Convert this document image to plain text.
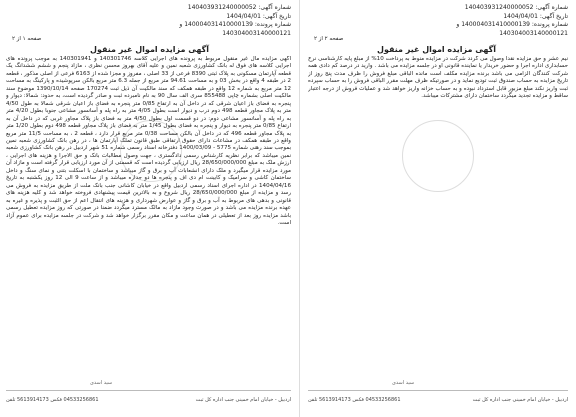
شماره آگهی: 140403931240000052
تاریخ آگهی: 1404/04/01
شماره پرونده: 140004031410000139 و
140304003140000121
صفحه ۱ از ۲
آگهی مزایده اموال غیر منقول
آگهی مزایده مال غیر منقول مربوط به پرونده های اجرایی کلاسه 140301746 و 140301941 به موجب پرونده های اجرایی کلاسه های فوق له بانک کشاورزی شعبه نمین و علیه آقای بهروز محسن نظری ، مازاد پنجم و ششم ششدانگ یک قطعه آپارتمان مسکونی به پلاک ثبتی 8390 فرعی از 33 اصلی ، مفروز و مجزا شده از 6163 فرعی از اصلی مذکور ، قطعه 2 در طبقه 4 واقع در بخش 03 و به مساحت 94.61 متر مربع از جمله 6.3 متر مربع بالکن سرپوشیده و پارکینگ به مساحت 12 متر مربع به شماره 12 واقع در طبقه همکف که سند مالکیت آن ذیل ثبت 170274 صفحه 1390/10/14 موضوع سند مالکیت اصلی بشماره چاپی 855488 سری الف سال 90 به نام نامبرده ثبت و صادر گردیده است، به حدود: شمالا: دیوار و پنجره به فضای باز اعیان شرقی که در داخل آن به ارتفاع 0/85 متر پنجره به فضای باز اعیان شرقی شمالا به طول 4/50 متر به پلاک مجاور قطعه 498 دوم درب و دیوار است بطول 4/05 متر به راه پله و آسانسور مشاعی جنوبا بطول 4/20 متر به راه پله و آسانسور مشاعی دوم: در دو قسمت اول بطول 4/50 متر به فضای باز پلاک مجاور غربی که در داخل آن به ارتفاع 0/85 متر پنجره به دیوار و پنجره به فضای بطول 1/45 متر به فضای باز پلاک مجاور قطعه 498 دوم بطول 1/20 متر به پلاک مجاور قطعه 496 که در داخل آن بالکن مساحت 0/38 متر مربع قرار دارد ، قطعه 2 ، به مساحت 11/5 متر مربع واقع در طبقه همکف در مشاعات دارای حقوق ارتفاقی طبق قانون تملک آپارتمان ها ، در رهن بانک کشاورزی شعبه نمین بموجب سند رهنی شماره 5775 - 1400/03/09 دفترخانه اسناد رسمی شماره 51 شهر اردبیل در رهن بانک کشاورزی شعبه نمین میباشد که برابر نظریه کارشناس رسمی دادگستری ، جهت وصول مطالبات بانک و حق الاجرا و هزینه های اجرایی ، ارزش ملک به مبلغ 28/650/000/000 ریال ارزیابی گردیده است که قسمتی از آن مورد ارزیابی قرار گرفته است و مازاد آن مورد مزایده قرار میگیرد و ملک دارای انشعابات آب و برق و گاز میباشد و ساختمان با اسکلت بتنی و نمای سنگ و داخل ساختمان کاشی و سرامیک و کابینت ام دی اف و پنجره ها دو جداره میباشد و از ساعت 9 الی 12 روز یکشنبه به تاریخ 1404/04/16 در اداره اجرای اسناد رسمی اردبیل واقع در خیابان کاشانی جنب بانک ملت از طریق مزایده به فروش می رسد و مزایده از مبلغ 28/650/000/000 ریال شروع و به بالاترین قیمت پیشنهادی فروخته خواهد شد و کلیه هزینه های قانونی و بدهی های مربوط به آب و برق و گاز و عوارض شهرداری و هزینه های انتقال اعم از حق الثبت و پذیره و غیره به عهده برنده مزایده می باشد و در صورت وجود مازاد به مالک مسترد میگردد ضمنا در صورتی که روز مزایده تعطیل رسمی باشد مزایده روز بعد از تعطیلی در همان ساعت و مکان مقرر برگزار خواهد شد و شرکت در جلسه مزایده برای عموم آزاد است.
سید اسدی
04533256861 فکس 5613914173 تلفن	اردبیل - خیابان امام خمینی جنب اداره کل ثبت
شماره آگهی: 140403931240000052
تاریخ آگهی: 1404/04/01
شماره پرونده: 140004031410000139 و
140304003140000121
صفحه ۲ از ۲
آگهی مزایده اموال غیر منقول
نیم عشر و حق مزایده نقدا وصول می گردد شرکت در مزایده منوط به پرداخت 10% از مبلغ پایه کارشناسی نرخ حسابداری اداره اجرا و حضور خریدار یا نماینده قانونی او در جلسه مزایده می باشد . وارید در درصد کم دادی همه شرکت کنندگان الزامی می باشد برنده مزایده مکلف است مانده الباقی مبلغ فروش را ظرف مدت پنج روز از تاریخ مزایده به حساب صندوق ثبت تودیع نماید و در صورتیکه ظرف مهلت مقرر الباقی فروش را به حساب سپرده ثبت واریز نکند مبلغ مزبور قابل استرداد نبوده و به حساب خزانه واریز خواهد شد و عملیات فروش از درجه اعتبار ساقط و مزایده تجدید میگردد ساختمان دارای مشترکات میباشد.
سید اسدی
04533256861 فکس 5613914173 تلفن	اردبیل - خیابان امام خمینی جنب اداره کل ثبت
